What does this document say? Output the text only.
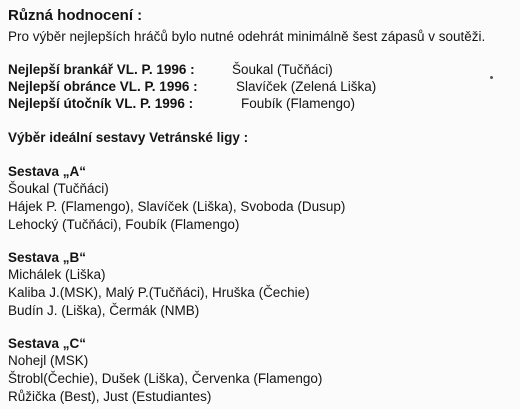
Různá hodnocení :
Pro výběr nejlepších hráčů bylo nutné odehrát minimálně šest zápasů v soutěži.
Nejlepší brankář VL. P. 1996 :	Šoukal (Tučňáci)
Nejlepší obránce VL. P. 1996 :	Slavíček (Zelená Liška)
Nejlepší útočník VL. P. 1996 :	Foubík (Flamengo)
Výběr ideální sestavy Vetránské ligy :
Sestava „A“
Šoukal (Tučňáci)
Hájek P. (Flamengo), Slavíček (Liška), Svoboda (Dusup)
Lehocký (Tučňáci), Foubík (Flamengo)
Sestava „B“
Michálek (Liška)
Kaliba J.(MSK), Malý P.(Tučňáci), Hruška (Čechie)
Budín J. (Liška), Čermák (NMB)
Sestava „C“
Nohejl (MSK)
Štrobl(Čechie), Dušek (Liška), Červenka (Flamengo)
Růžička (Best), Just (Estudiantes)
